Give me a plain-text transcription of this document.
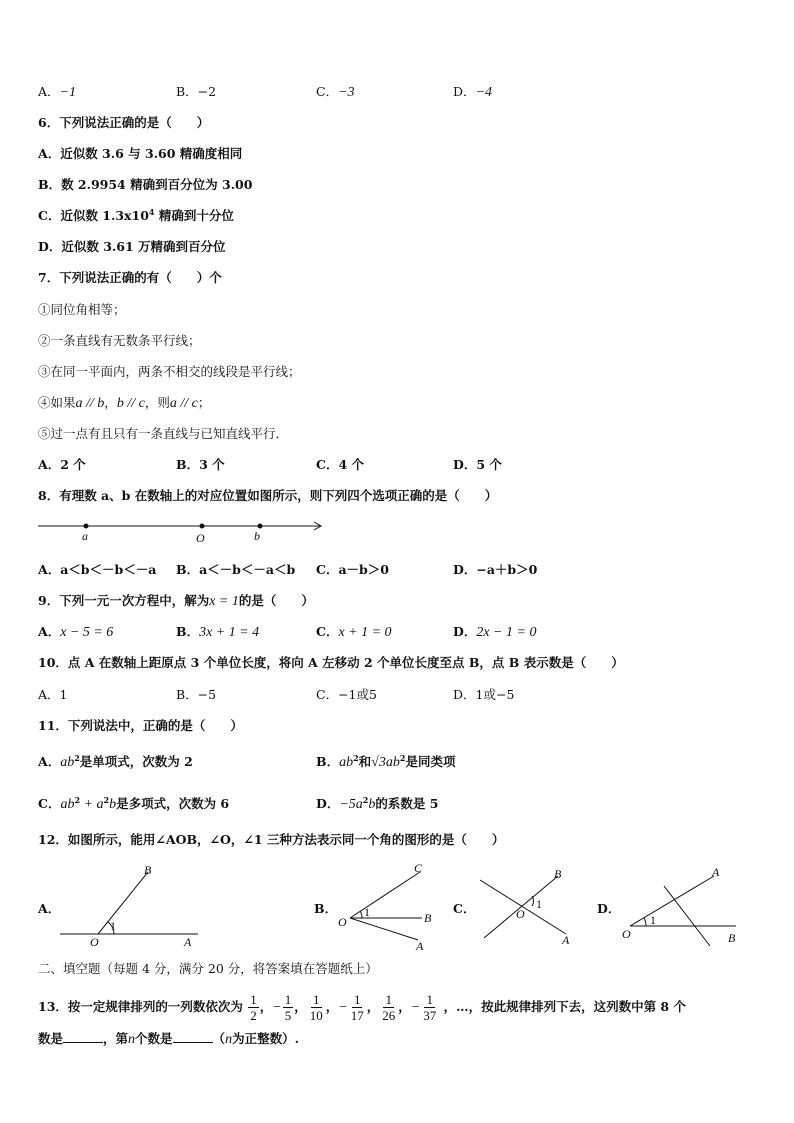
A．−1	B．−2	C．−3	D．−4
6．下列说法正确的是（　　）
A．近似数 3.6 与 3.60 精确度相同
B．数 2.9954 精确到百分位为 3.00
C．近似数 $1.3x10^4$ 精确到十分位
D．近似数 3.61 万精确到百分位
7．下列说法正确的有（　　）个
①同位角相等；
②一条直线有无数条平行线；
③在同一平面内，两条不相交的线段是平行线；
④如果a // b，b // c，则a // c；
⑤过一点有且只有一条直线与已知直线平行．
A．2 个	B．3 个	C．4 个	D．5 个
8．有理数 a、b 在数轴上的对应位置如图所示，则下列四个选项正确的是（　　）
a	O	b
A．a＜b＜－b＜－a B．a＜－b＜－a＜b C．a－b＞0	D．−a＋b＞0
9．下列一元一次方程中，解为x = 1的是（　　）
A．x − 5 = 6	B．3x + 1 = 4	C．x + 1 = 0	D．2x − 1 = 0
10．点 A 在数轴上距原点 3 个单位长度，将向 A 左移动 2 个单位长度至点 B，点 B 表示数是（　　）
A．1	B．−5	C．−1或5	D．1或−5
11．下列说法中，正确的是（　　）
A．$ab^2$是单项式，次数为 2	B．$ab^2$和$√3ab^2$是同类项
C．$ab^2 + a^2b$是多项式，次数为 6	D．$-5a^2b$的系数是 5
12．如图所示，能用∠AOB，∠O，∠1 三种方法表示同一个角的图形的是（　　）
A．
B
O
1
A
B．
C
O
1	B
A
C．
B
O
1
A
D．
A
O
1
B
二、填空题（每题 4 分，满分 20 分，将答案填在答题纸上）
13．按一定规律排列的一列数依次为 $\frac{1}{2}$ ，− $\frac{1}{5}$ ， $\frac{1}{10}$ ，− $\frac{1}{17}$ ， $\frac{1}{26}$ ，− $\frac{1}{37}$ ，…，按此规律排列下去，这列数中第 8 个
数是	，第n个数是	（n为正整数）.
